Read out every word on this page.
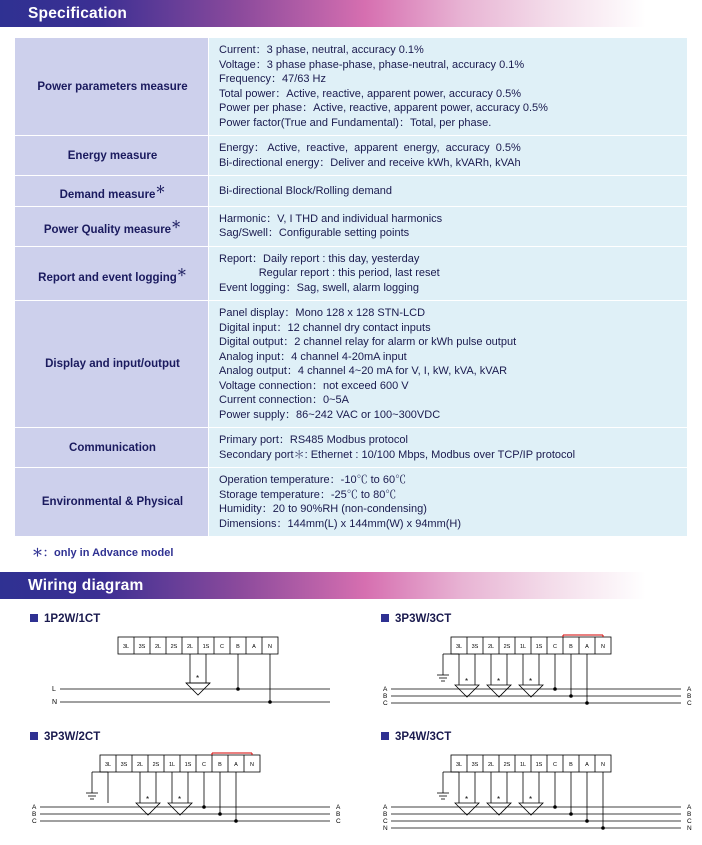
Specification
Power parameters measure	
Current：3 phase, neutral, accuracy 0.1%
Voltage：3 phase phase-phase, phase-neutral, accuracy 0.1%
Frequency：47/63 Hz
Total power：Active, reactive, apparent power, accuracy 0.5%
Power per phase：Active, reactive, apparent power, accuracy 0.5%
Power factor(True and Fundamental)：Total, per phase.

Energy measure	Energy： Active,  reactive,  apparent  energy,  accuracy  0.5%
Bi-directional energy：Deliver and receive kWh, kVARh, kVAh

Demand measure＊	Bi-directional Block/Rolling demand

Power Quality measure＊	Harmonic：V, I THD and individual harmonics
Sag/Swell：Configurable setting points

Report and event logging＊	Report：Daily report : this day, yesterday
Regular report : this period, last reset
Event logging：Sag, swell, alarm logging

Display and input/output	
Panel display：Mono 128 x 128 STN-LCD
Digital input：12 channel dry contact inputs
Digital output：2 channel relay for alarm or kWh pulse output
Analog input：4 channel 4-20mA input
Analog output：4 channel 4~20 mA for V, I, kW, kVA, kVAR
Voltage connection：not exceed 600 V
Current connection：0~5A
Power supply：86~242 VAC or 100~300VDC

Communication	Primary port：RS485 Modbus protocol
Secondary port＊: Ethernet : 10/100 Mbps, Modbus over TCP/IP protocol

Environmental & Physical	Operation temperature：-10℃ to 60℃
Storage temperature：-25℃ to 80℃
Humidity：20 to 90%RH (non-condensing)
Dimensions：144mm(L) x 144mm(W) x 94mm(H)
＊：only in Advance model
Wiring diagram
1P2W/1CT
3L 3S 2L 2S 2L 1S C B A N
L
N
*
3P3W/3CT
3L 3S 2L 2S 1L 1S C B A N
A
B
C
A
B
C
*	*	*
3P3W/2CT
3L 3S 2L 2S 1L 1S C B A N
A
B
C
A
B
C
*	*
3P4W/3CT
3L 3S 2L 2S 1L 1S C B A N
A
B
C
N
A
B
C
N
*	*	*
